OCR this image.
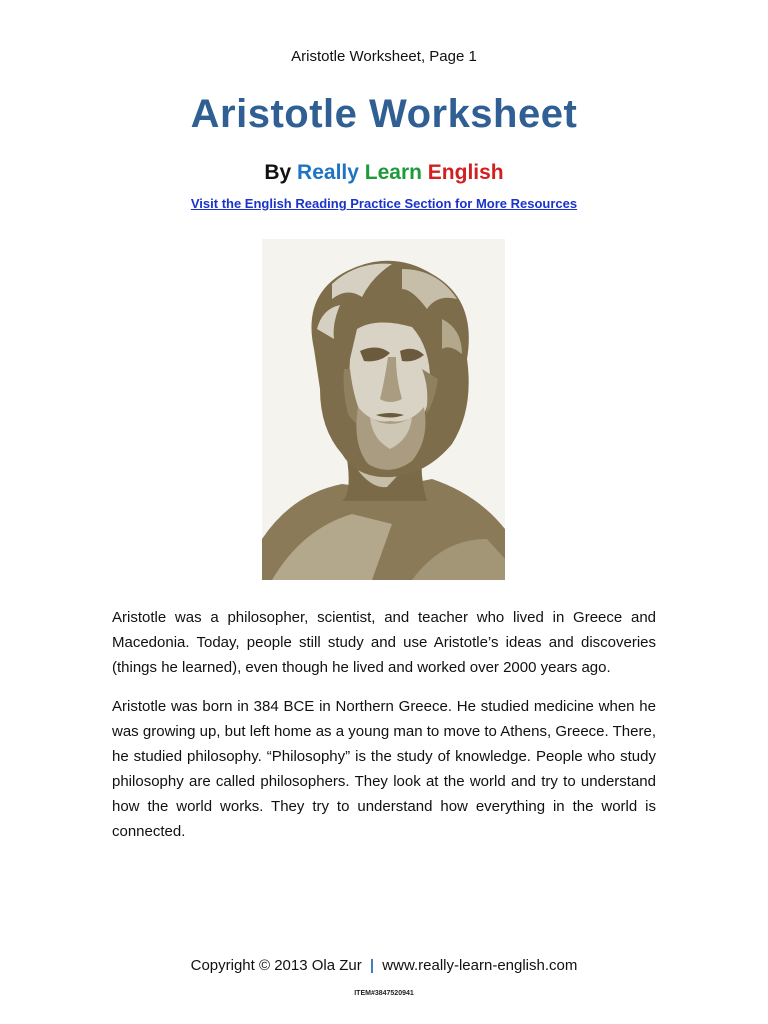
Aristotle Worksheet, Page 1
Aristotle Worksheet
By Really Learn English
Visit the English Reading Practice Section for More Resources

Aristotle was a philosopher, scientist, and teacher who lived in Greece and Macedonia. Today, people still study and use Aristotle’s ideas and discoveries (things he learned), even though he lived and worked over 2000 years ago.

Aristotle was born in 384 BCE in Northern Greece. He studied medicine when he was growing up, but left home as a young man to move to Athens, Greece. There, he studied philosophy. “Philosophy” is the study of knowledge. People who study philosophy are called philosophers. They look at the world and try to understand how the world works. They try to understand how everything in the world is connected.

Copyright © 2013 Ola Zur | www.really-learn-english.com
ITEM#38475209​41
